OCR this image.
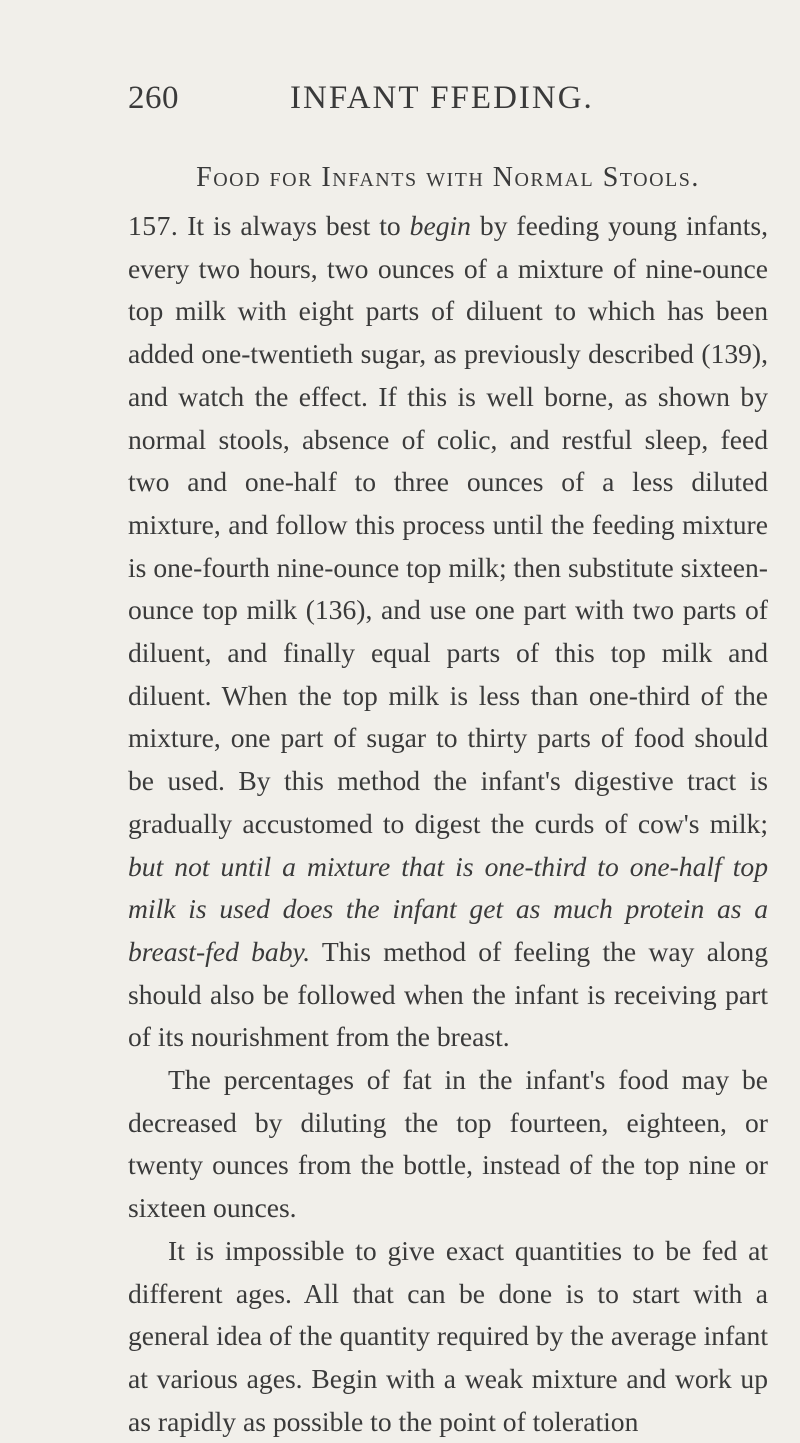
260	INFANT FFEDING.
Food for Infants with Normal Stools.

157. It is always best to begin by feeding young infants, every two hours, two ounces of a mixture of nine-ounce top milk with eight parts of diluent to which has been added one-twentieth sugar, as previously described (139), and watch the effect. If this is well borne, as shown by normal stools, absence of colic, and restful sleep, feed two and one-half to three ounces of a less diluted mixture, and follow this process until the feeding mixture is one-fourth nine-ounce top milk; then substitute sixteen-ounce top milk (136), and use one part with two parts of diluent, and finally equal parts of this top milk and diluent. When the top milk is less than one-third of the mixture, one part of sugar to thirty parts of food should be used. By this method the infant's digestive tract is gradually accustomed to digest the curds of cow's milk; but not until a mixture that is one-third to one-half top milk is used does the infant get as much protein as a breast-fed baby. This method of feeling the way along should also be followed when the infant is receiving part of its nourishment from the breast.

The percentages of fat in the infant's food may be decreased by diluting the top fourteen, eighteen, or twenty ounces from the bottle, instead of the top nine or sixteen ounces.

It is impossible to give exact quantities to be fed at different ages. All that can be done is to start with a general idea of the quantity required by the average infant at various ages. Begin with a weak mixture and work up as rapidly as possible to the point of toleration
